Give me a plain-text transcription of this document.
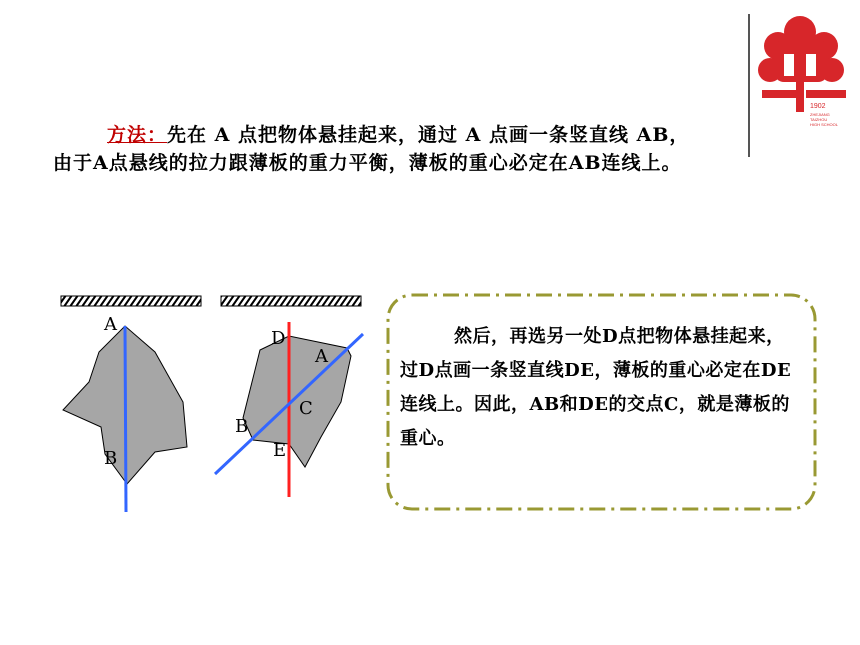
1902
ZHEJIANG
TAIZHOU
HIGH SCHOOL
方法：先在 A 点把物体悬挂起来，通过 A 点画一条竖直线 AB，由于A点悬线的拉力跟薄板的重力平衡，薄板的重心必定在AB连线上。
A
B
D
A
C
B
E
然后，再选另一处D点把物体悬挂起来，过D点画一条竖直线DE，薄板的重心必定在DE连线上。因此，AB和DE的交点C，就是薄板的重心。
